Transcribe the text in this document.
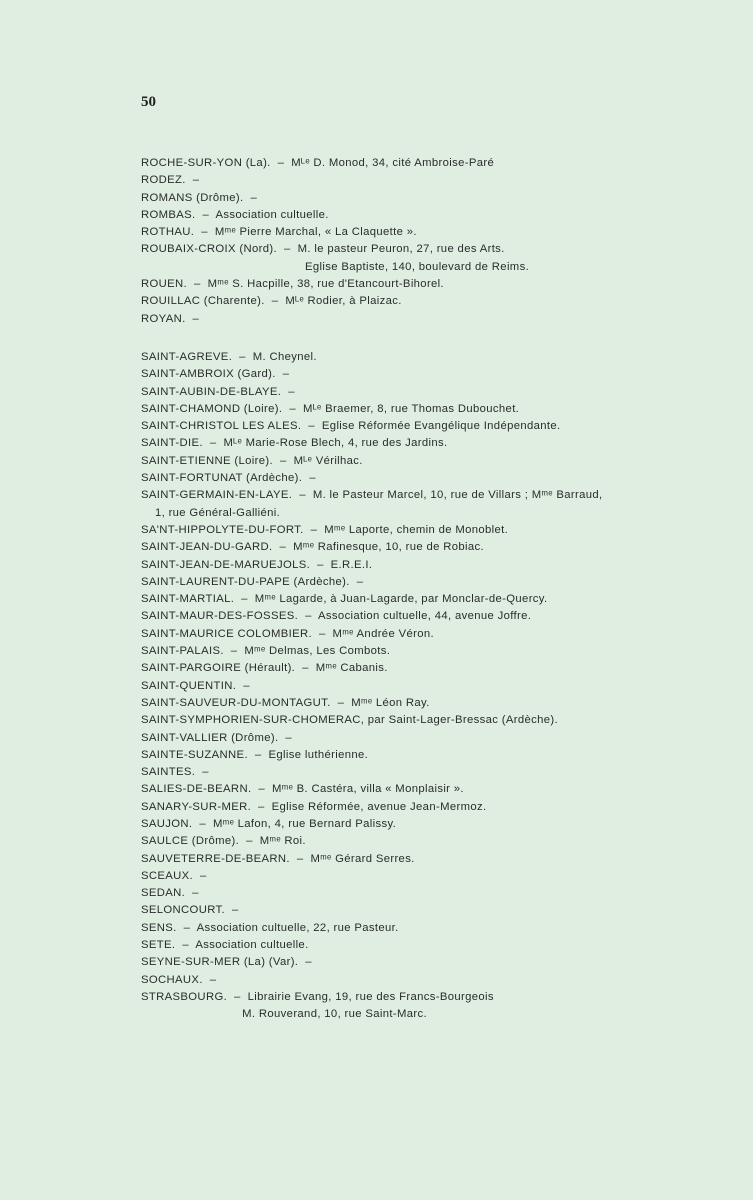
50
ROCHE-SUR-YON (La).  –  Mᴸᵉ D. Monod, 34, cité Ambroise-Paré
RODEZ.  –
ROMANS (Drôme).  –
ROMBAS.  –  Association cultuelle.
ROTHAU.  –  Mᵐᵉ Pierre Marchal, « La Claquette ».
ROUBAIX-CROIX (Nord).  –  M. le pasteur Peuron, 27, rue des Arts.
Eglise Baptiste, 140, boulevard de Reims.
ROUEN.  –  Mᵐᵉ S. Hacpille, 38, rue d'Etancourt-Bihorel.
ROUILLAC (Charente).  –  Mᴸᵉ Rodier, à Plaizac.
ROYAN.  –
SAINT-AGREVE.  –  M. Cheynel.
SAINT-AMBROIX (Gard).  –
SAINT-AUBIN-DE-BLAYE.  –
SAINT-CHAMOND (Loire).  –  Mᴸᵉ Braemer, 8, rue Thomas Dubouchet.
SAINT-CHRISTOL LES ALES.  –  Eglise Réformée Evangélique Indépendante.
SAINT-DIE.  –  Mᴸᵉ Marie-Rose Blech, 4, rue des Jardins.
SAINT-ETIENNE (Loire).  –  Mᴸᵉ Vérilhac.
SAINT-FORTUNAT (Ardèche).  –
SAINT-GERMAIN-EN-LAYE.  –  M. le Pasteur Marcel, 10, rue de Villars ; Mᵐᵉ Barraud,
1, rue Général-Galliéni.
SA'NT-HIPPOLYTE-DU-FORT.  –  Mᵐᵉ Laporte, chemin de Monoblet.
SAINT-JEAN-DU-GARD.  –  Mᵐᵉ Rafinesque, 10, rue de Robiac.
SAINT-JEAN-DE-MARUEJOLS.  –  E.R.E.I.
SAINT-LAURENT-DU-PAPE (Ardèche).  –
SAINT-MARTIAL.  –  Mᵐᵉ Lagarde, à Juan-Lagarde, par Monclar-de-Quercy.
SAINT-MAUR-DES-FOSSES.  –  Association cultuelle, 44, avenue Joffre.
SAINT-MAURICE COLOMBIER.  –  Mᵐᵉ Andrée Véron.
SAINT-PALAIS.  –  Mᵐᵉ Delmas, Les Combots.
SAINT-PARGOIRE (Hérault).  –  Mᵐᵉ Cabanis.
SAINT-QUENTIN.  –
SAINT-SAUVEUR-DU-MONTAGUT.  –  Mᵐᵉ Léon Ray.
SAINT-SYMPHORIEN-SUR-CHOMERAC, par Saint-Lager-Bressac (Ardèche).
SAINT-VALLIER (Drôme).  –
SAINTE-SUZANNE.  –  Eglise luthérienne.
SAINTES.  –
SALIES-DE-BEARN.  –  Mᵐᵉ B. Castéra, villa « Monplaisir ».
SANARY-SUR-MER.  –  Eglise Réformée, avenue Jean-Mermoz.
SAUJON.  –  Mᵐᵉ Lafon, 4, rue Bernard Palissy.
SAULCE (Drôme).  –  Mᵐᵉ Roi.
SAUVETERRE-DE-BEARN.  –  Mᵐᵉ Gérard Serres.
SCEAUX.  –
SEDAN.  –
SELONCOURT.  –
SENS.  –  Association cultuelle, 22, rue Pasteur.
SETE.  –  Association cultuelle.
SEYNE-SUR-MER (La) (Var).  –
SOCHAUX.  –
STRASBOURG.  –  Librairie Evang, 19, rue des Francs-Bourgeois
M. Rouverand, 10, rue Saint-Marc.
